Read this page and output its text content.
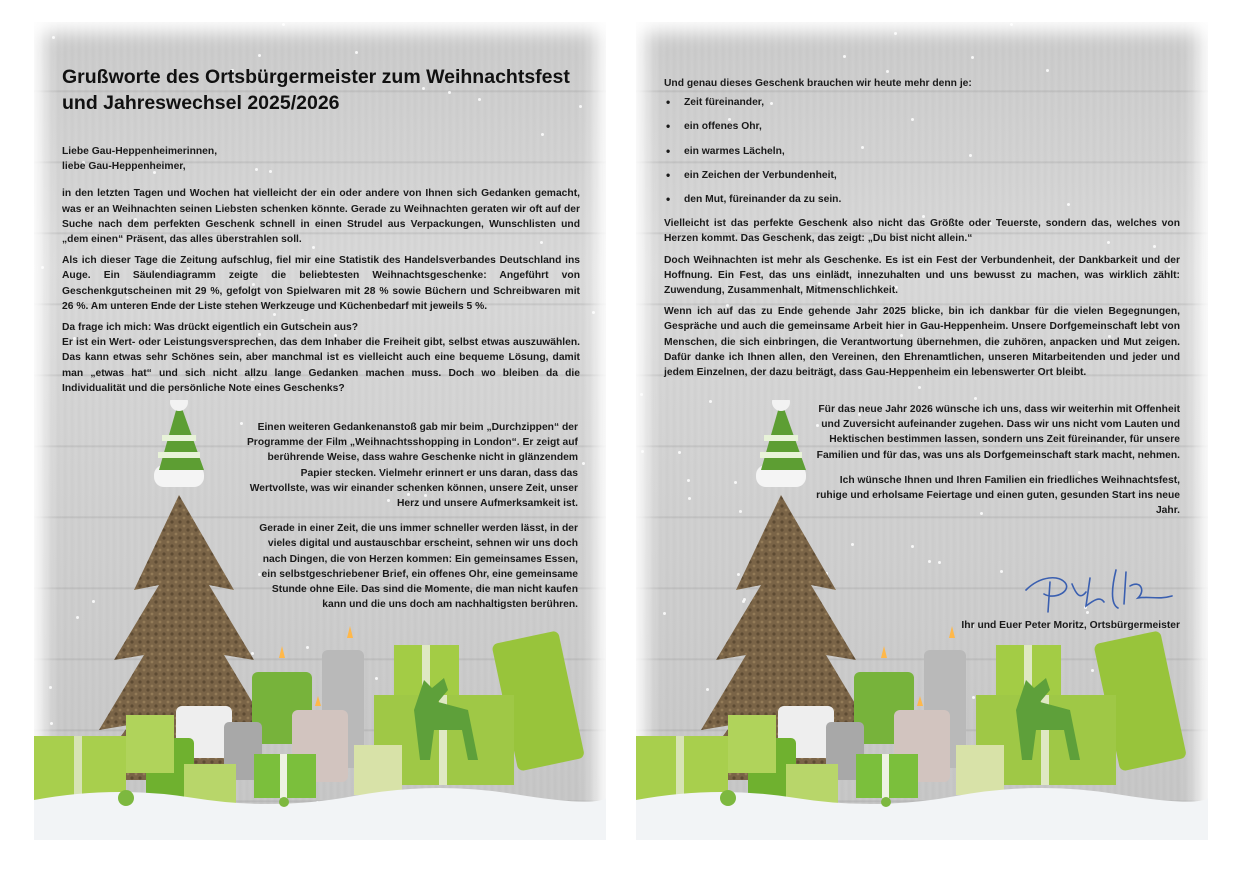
Grußworte des Ortsbürgermeister zum Weihnachtsfest
und Jahreswechsel 2025/2026
Liebe Gau-Heppenheimerinnen,
liebe Gau-Heppenheimer,
in den letzten Tagen und Wochen hat vielleicht der ein oder andere von Ihnen sich Gedanken gemacht, was er an Weihnachten seinen Liebsten schenken könnte. Gerade zu Weihnachten geraten wir oft auf der Suche nach dem perfekten Geschenk schnell in einen Strudel aus Verpackungen, Wunschlisten und „dem einen“ Präsent, das alles überstrahlen soll.
Als ich dieser Tage die Zeitung aufschlug, fiel mir eine Statistik des Handelsverbandes Deutschland ins Auge. Ein Säulendiagramm zeigte die beliebtesten Weihnachtsgeschenke: Angeführt von Geschenkgutscheinen mit 29 %, gefolgt von Spielwaren mit 28 % sowie Büchern und Schreibwaren mit 26 %. Am unteren Ende der Liste stehen Werkzeuge und Küchenbedarf mit jeweils 5 %.
Da frage ich mich: Was drückt eigentlich ein Gutschein aus?
Er ist ein Wert- oder Leistungsversprechen, das dem Inhaber die Freiheit gibt, selbst etwas auszuwählen. Das kann etwas sehr Schönes sein, aber manchmal ist es vielleicht auch eine bequeme Lösung, damit man „etwas hat“ und sich nicht allzu lange Gedanken machen muss. Doch wo bleiben da die Individualität und die persönliche Note eines Geschenks?
Einen weiteren Gedankenanstoß gab mir beim „Durchzippen“ der Programme der Film „Weihnachtsshopping in London“. Er zeigt auf berührende Weise, dass wahre Geschenke nicht in glänzendem Papier stecken. Vielmehr erinnert er uns daran, dass das Wertvollste, was wir einander schenken können, unsere Zeit, unser Herz und unsere Aufmerksamkeit ist.
Gerade in einer Zeit, die uns immer schneller werden lässt, in der vieles digital und austauschbar erscheint, sehnen wir uns doch nach Dingen, die von Herzen kommen: Ein gemeinsames Essen, ein selbstgeschriebener Brief, ein offenes Ohr, eine gemeinsame Stunde ohne Eile. Das sind die Momente, die man nicht kaufen kann und die uns doch am nachhaltigsten berühren.
Und genau dieses Geschenk brauchen wir heute mehr denn je:
• Zeit füreinander,
• ein offenes Ohr,
• ein warmes Lächeln,
• ein Zeichen der Verbundenheit,
• den Mut, füreinander da zu sein.
Vielleicht ist das perfekte Geschenk also nicht das Größte oder Teuerste, sondern das, welches von Herzen kommt. Das Geschenk, das zeigt: „Du bist nicht allein.“
Doch Weihnachten ist mehr als Geschenke. Es ist ein Fest der Verbundenheit, der Dankbarkeit und der Hoffnung. Ein Fest, das uns einlädt, innezuhalten und uns bewusst zu machen, was wirklich zählt: Zuwendung, Zusammenhalt, Mitmenschlichkeit.
Wenn ich auf das zu Ende gehende Jahr 2025 blicke, bin ich dankbar für die vielen Begegnungen, Gespräche und auch die gemeinsame Arbeit hier in Gau-Heppenheim. Unsere Dorfgemeinschaft lebt von Menschen, die sich einbringen, die Verantwortung übernehmen, die zuhören, anpacken und Mut zeigen. Dafür danke ich Ihnen allen, den Vereinen, den Ehrenamtlichen, unseren Mitarbeitenden und jeder und jedem Einzelnen, der dazu beiträgt, dass Gau-Heppenheim ein lebenswerter Ort bleibt.
Für das neue Jahr 2026 wünsche ich uns, dass wir weiterhin mit Offenheit und Zuversicht aufeinander zugehen. Dass wir uns nicht vom Lauten und Hektischen bestimmen lassen, sondern uns Zeit füreinander, für unsere Familien und für das, was uns als Dorfgemeinschaft stark macht, nehmen.
Ich wünsche Ihnen und Ihren Familien ein friedliches Weihnachtsfest, ruhige und erholsame Feiertage und einen guten, gesunden Start ins neue Jahr.
Ihr und Euer Peter Moritz, Ortsbürgermeister
